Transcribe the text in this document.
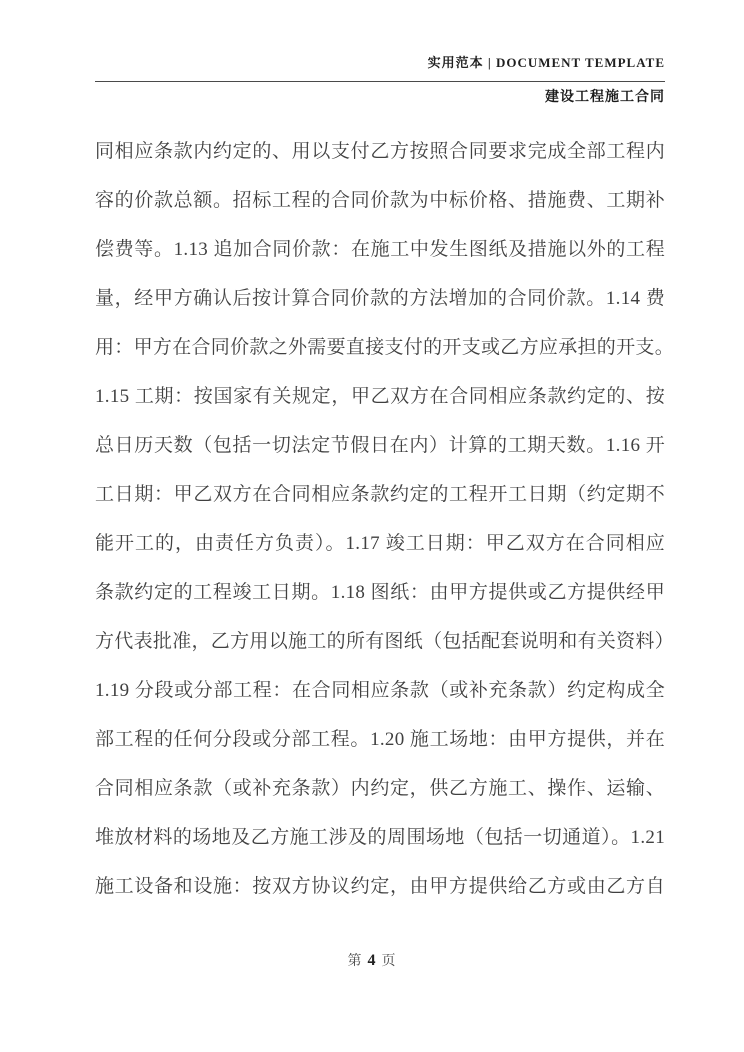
实用范本 | DOCUMENT TEMPLATE
建设工程施工合同
同相应条款内约定的、用以支付乙方按照合同要求完成全部工程内
容的价款总额。招标工程的合同价款为中标价格、措施费、工期补
偿费等。1.13 追加合同价款：在施工中发生图纸及措施以外的工程
量，经甲方确认后按计算合同价款的方法增加的合同价款。1.14 费
用：甲方在合同价款之外需要直接支付的开支或乙方应承担的开支。
1.15 工期：按国家有关规定，甲乙双方在合同相应条款约定的、按
总日历天数（包括一切法定节假日在内）计算的工期天数。1.16 开
工日期：甲乙双方在合同相应条款约定的工程开工日期（约定期不
能开工的，由责任方负责）。1.17 竣工日期：甲乙双方在合同相应
条款约定的工程竣工日期。1.18 图纸：由甲方提供或乙方提供经甲
方代表批准，乙方用以施工的所有图纸（包括配套说明和有关资料）
1.19 分段或分部工程：在合同相应条款（或补充条款）约定构成全
部工程的任何分段或分部工程。1.20 施工场地：由甲方提供，并在
合同相应条款（或补充条款）内约定，供乙方施工、操作、运输、
堆放材料的场地及乙方施工涉及的周围场地（包括一切通道）。1.21
施工设备和设施：按双方协议约定，由甲方提供给乙方或由乙方自
第 4 页
